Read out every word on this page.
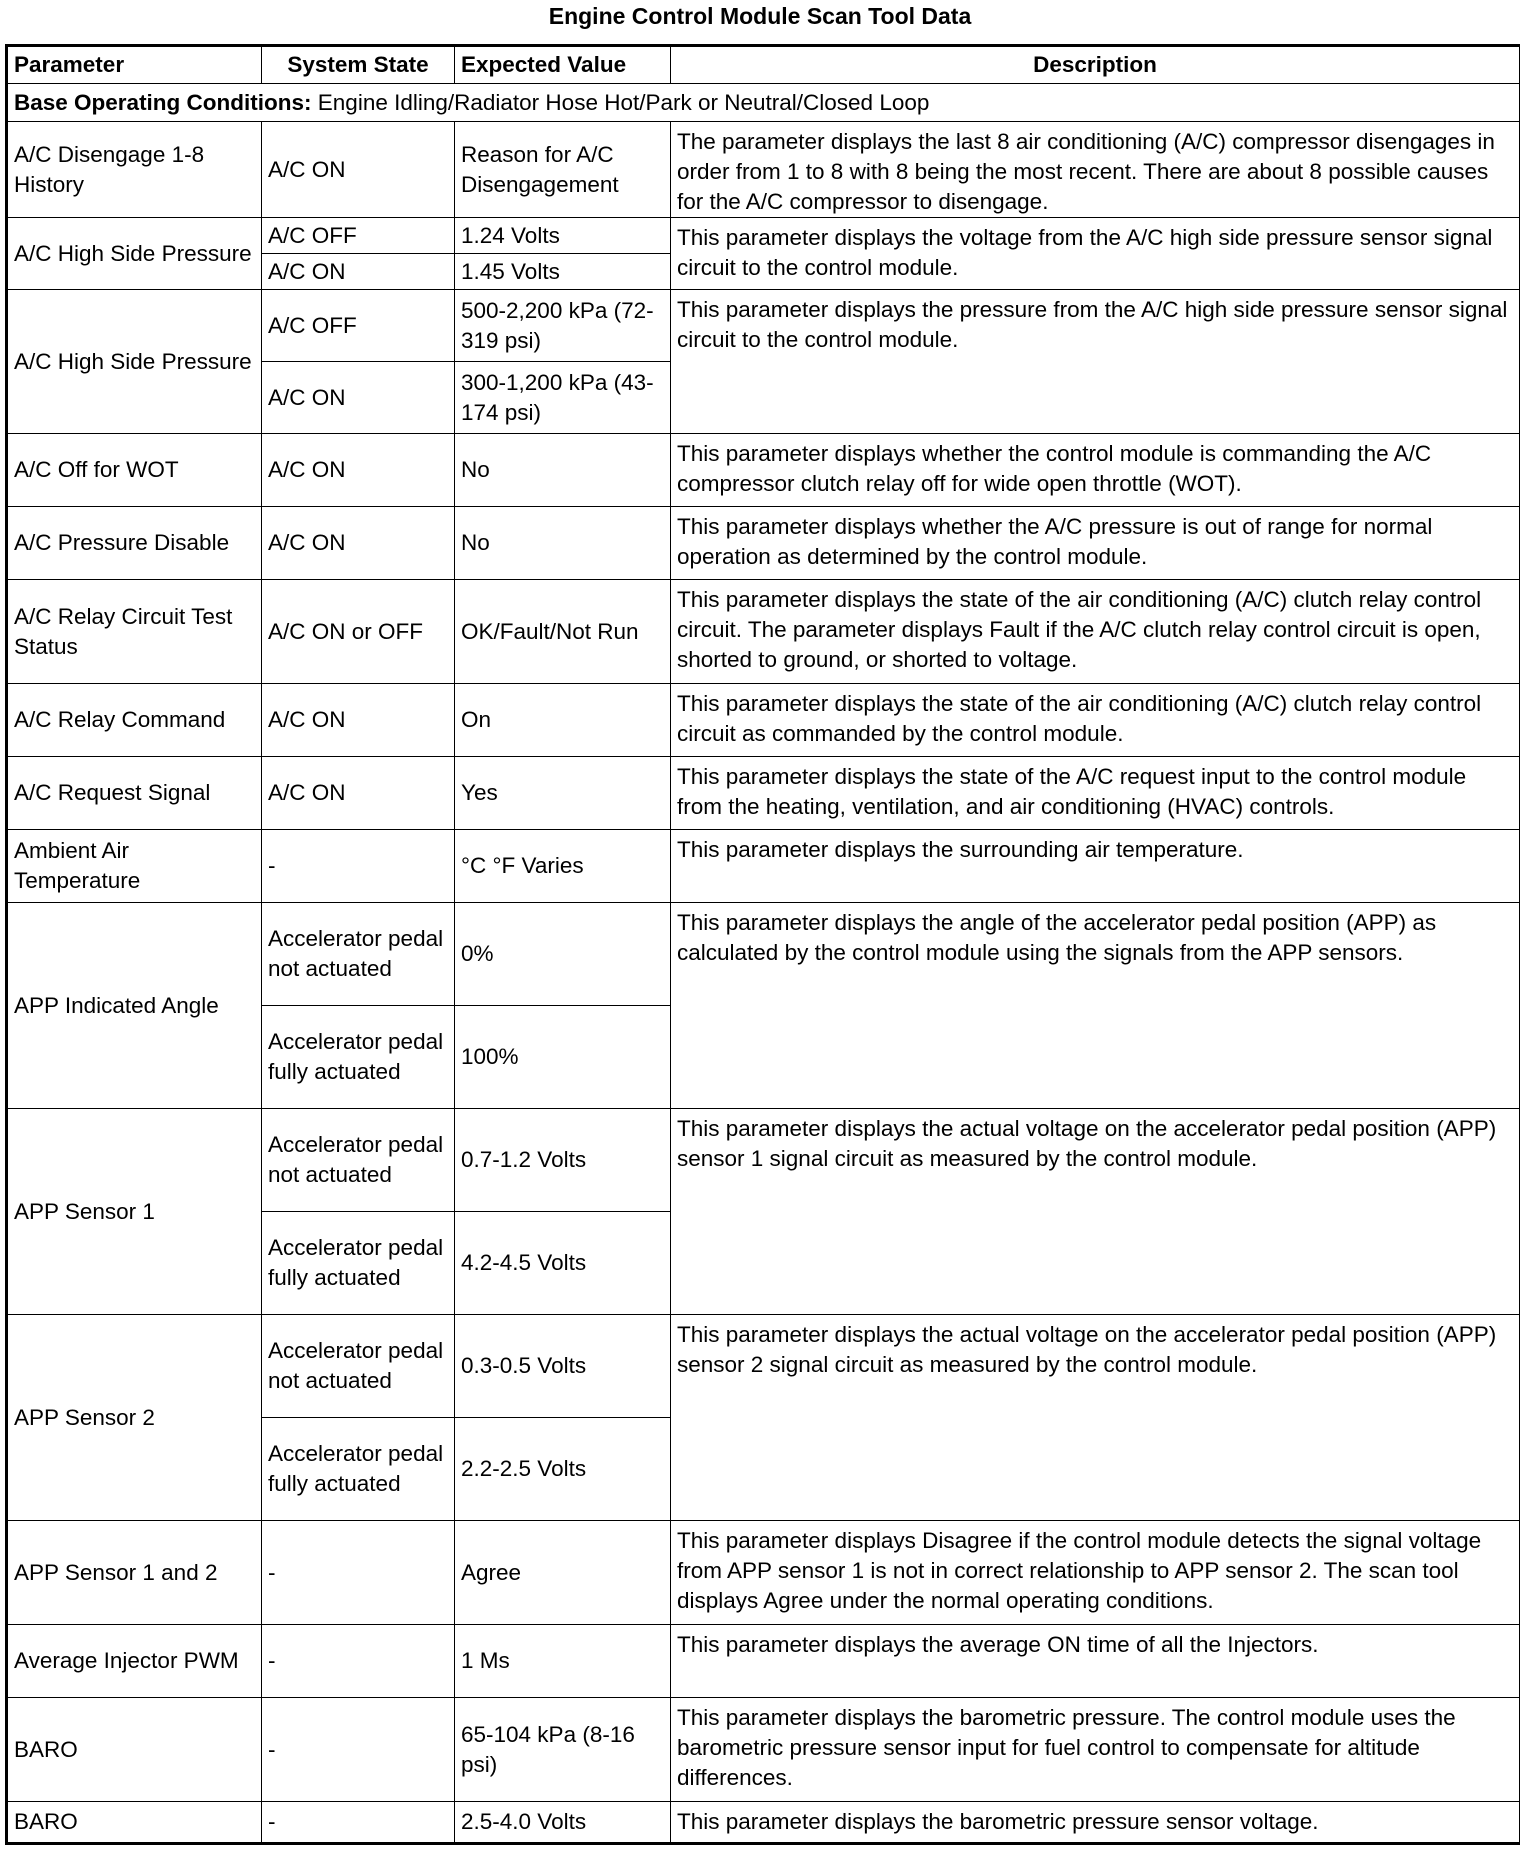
Engine Control Module Scan Tool Data
Parameter	System State	Expected Value	Description
Base Operating Conditions: Engine Idling/Radiator Hose Hot/Park or Neutral/Closed Loop			
A/C Disengage 1-8 History	A/C ON	Reason for A/C Disengagement	The parameter displays the last 8 air conditioning (A/C) compressor disengages in order from 1 to 8 with 8 being the most recent. There are about 8 possible causes for the A/C compressor to disengage.
A/C High Side Pressure	A/C OFF	1.24 Volts	This parameter displays the voltage from the A/C high side pressure sensor signal circuit to the control module.
	A/C ON	1.45 Volts	
A/C High Side Pressure	A/C OFF	500-2,200 kPa (72-319 psi)	This parameter displays the pressure from the A/C high side pressure sensor signal circuit to the control module.
	A/C ON	300-1,200 kPa (43-174 psi)	
A/C Off for WOT	A/C ON	No	This parameter displays whether the control module is commanding the A/C compressor clutch relay off for wide open throttle (WOT).
A/C Pressure Disable	A/C ON	No	This parameter displays whether the A/C pressure is out of range for normal operation as determined by the control module.
A/C Relay Circuit Test Status	A/C ON or OFF	OK/Fault/Not Run	This parameter displays the state of the air conditioning (A/C) clutch relay control circuit. The parameter displays Fault if the A/C clutch relay control circuit is open, shorted to ground, or shorted to voltage.
A/C Relay Command	A/C ON	On	This parameter displays the state of the air conditioning (A/C) clutch relay control circuit as commanded by the control module.
A/C Request Signal	A/C ON	Yes	This parameter displays the state of the A/C request input to the control module from the heating, ventilation, and air conditioning (HVAC) controls.
Ambient Air Temperature	-	°C °F Varies	This parameter displays the surrounding air temperature.
APP Indicated Angle	Accelerator pedal not actuated	0%	This parameter displays the angle of the accelerator pedal position (APP) as calculated by the control module using the signals from the APP sensors.
	Accelerator pedal fully actuated	100%	
APP Sensor 1	Accelerator pedal not actuated	0.7-1.2 Volts	This parameter displays the actual voltage on the accelerator pedal position (APP) sensor 1 signal circuit as measured by the control module.
	Accelerator pedal fully actuated	4.2-4.5 Volts	
APP Sensor 2	Accelerator pedal not actuated	0.3-0.5 Volts	This parameter displays the actual voltage on the accelerator pedal position (APP) sensor 2 signal circuit as measured by the control module.
	Accelerator pedal fully actuated	2.2-2.5 Volts	
APP Sensor 1 and 2	-	Agree	This parameter displays Disagree if the control module detects the signal voltage from APP sensor 1 is not in correct relationship to APP sensor 2. The scan tool displays Agree under the normal operating conditions.
Average Injector PWM	-	1 Ms	This parameter displays the average ON time of all the Injectors.
BARO	-	65-104 kPa (8-16 psi)	This parameter displays the barometric pressure. The control module uses the barometric pressure sensor input for fuel control to compensate for altitude differences.
BARO	-	2.5-4.0 Volts	This parameter displays the barometric pressure sensor voltage.
